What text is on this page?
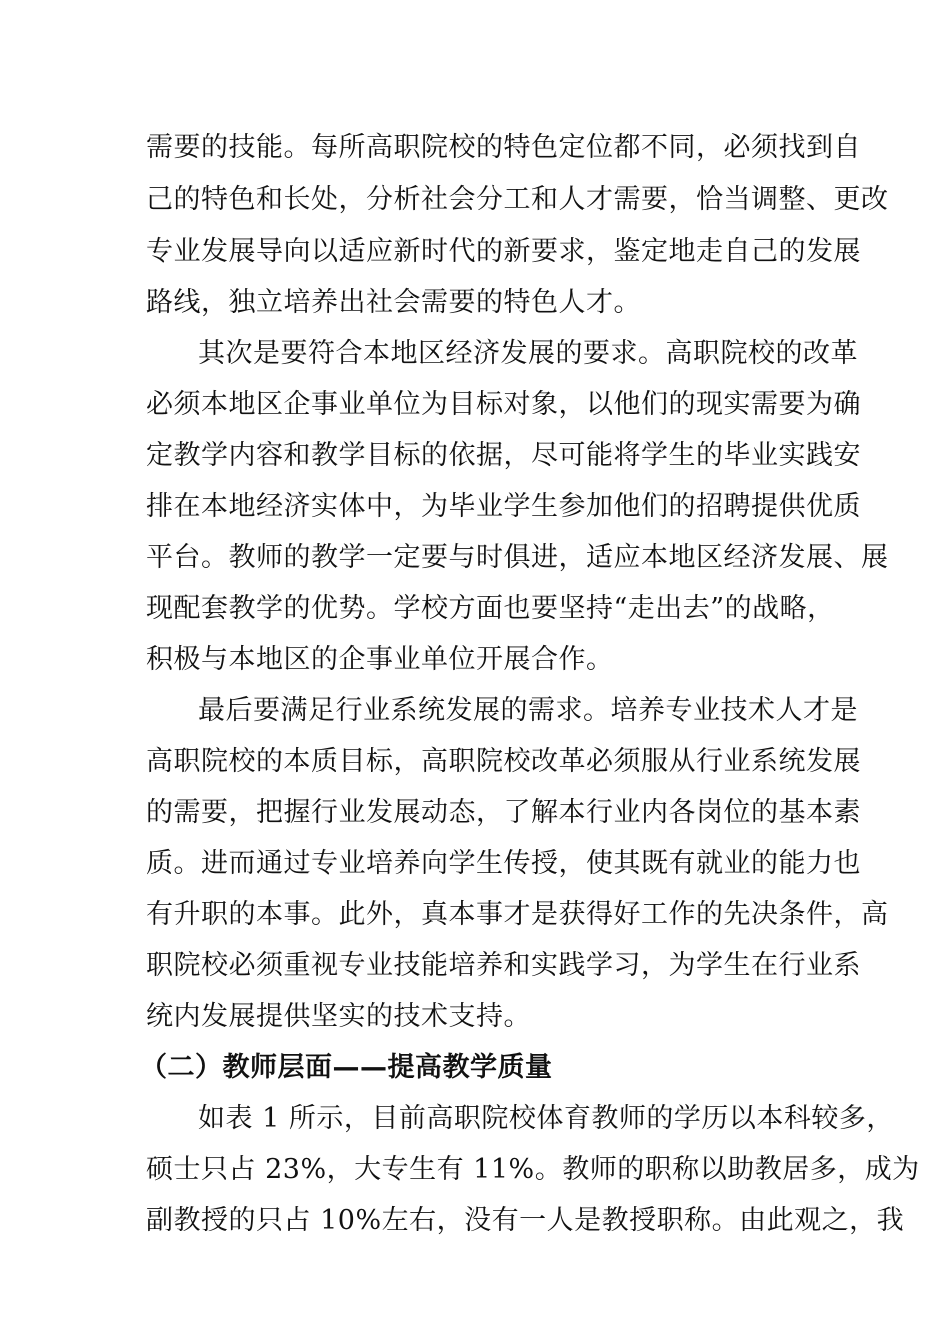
需要的技能。每所高职院校的特色定位都不同，必须找到自
己的特色和长处，分析社会分工和人才需要，恰当调整、更改
专业发展导向以适应新时代的新要求，鉴定地走自己的发展
路线，独立培养出社会需要的特色人才。
其次是要符合本地区经济发展的要求。高职院校的改革
必须本地区企事业单位为目标对象，以他们的现实需要为确
定教学内容和教学目标的依据，尽可能将学生的毕业实践安
排在本地经济实体中，为毕业学生参加他们的招聘提供优质
平台。教师的教学一定要与时俱进，适应本地区经济发展、展
现配套教学的优势。学校方面也要坚持“走出去”的战略，
积极与本地区的企事业单位开展合作。
最后要满足行业系统发展的需求。培养专业技术人才是
高职院校的本质目标，高职院校改革必须服从行业系统发展
的需要，把握行业发展动态，了解本行业内各岗位的基本素
质。进而通过专业培养向学生传授，使其既有就业的能力也
有升职的本事。此外，真本事才是获得好工作的先决条件，高
职院校必须重视专业技能培养和实践学习，为学生在行业系
统内发展提供坚实的技术支持。
（二）教师层面——提高教学质量
如表 1 所示，目前高职院校体育教师的学历以本科较多，
硕士只占 23%，大专生有 11%。教师的职称以助教居多，成为
副教授的只占 10%左右，没有一人是教授职称。由此观之，我
